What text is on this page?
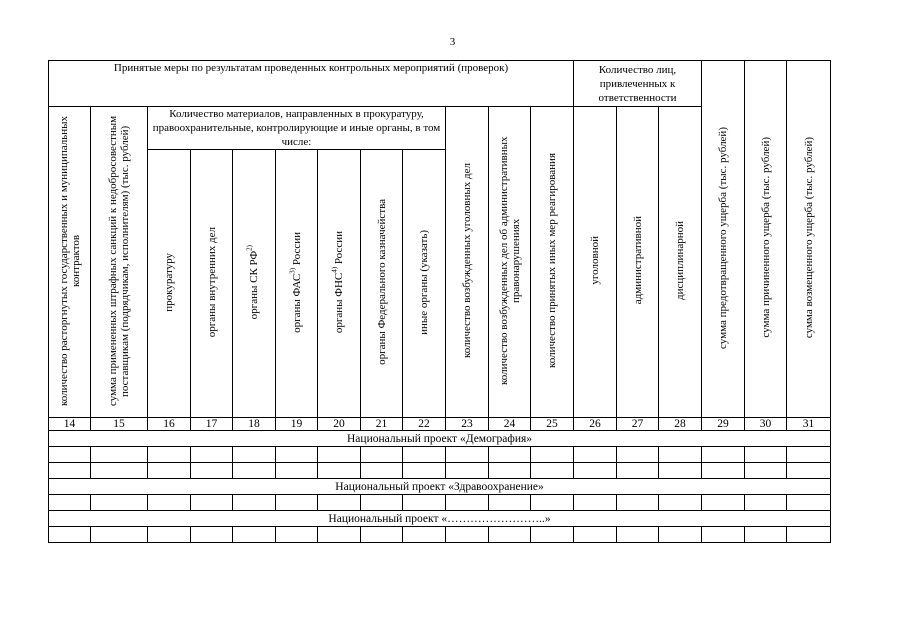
3
Принятые меры по результатам проведенных контрольных мероприятий (проверок)												Количество лиц, привлеченных к ответственности			сумма предотвращенного ущерба (тыс. рублей)	сумма причиненного ущерба (тыс. рублей)	сумма возмещенного ущерба (тыс. рублей)
количество расторгнутых государственных и муниципальных контрактов	сумма примененных штрафных санкций к недобросовестным поставщикам (подрядчикам, исполнителям) (тыс. рублей)	Количество материалов, направленных в прокуратуру, правоохранительные, контролирующие и иные органы, в том числе:							количество возбужденных уголовных дел	количество возбужденных дел об административных правонарушениях	количество принятых иных мер реагирования	уголовной	административной	дисциплинарной			
		прокуратуру	органы внутренних дел	органы СК РФ$^{2)}$	органы ФАС$^{3)}$ России	органы ФНС$^{4)}$ России	органы Федерального казначейства	иные органы (указать)									
14	15	16	17	18	19	20	21	22	23	24	25	26	27	28	29	30	31
Национальный проект «Демография»																	

Национальный проект «Здравоохранение»																	

Национальный проект «……………………..»																	
